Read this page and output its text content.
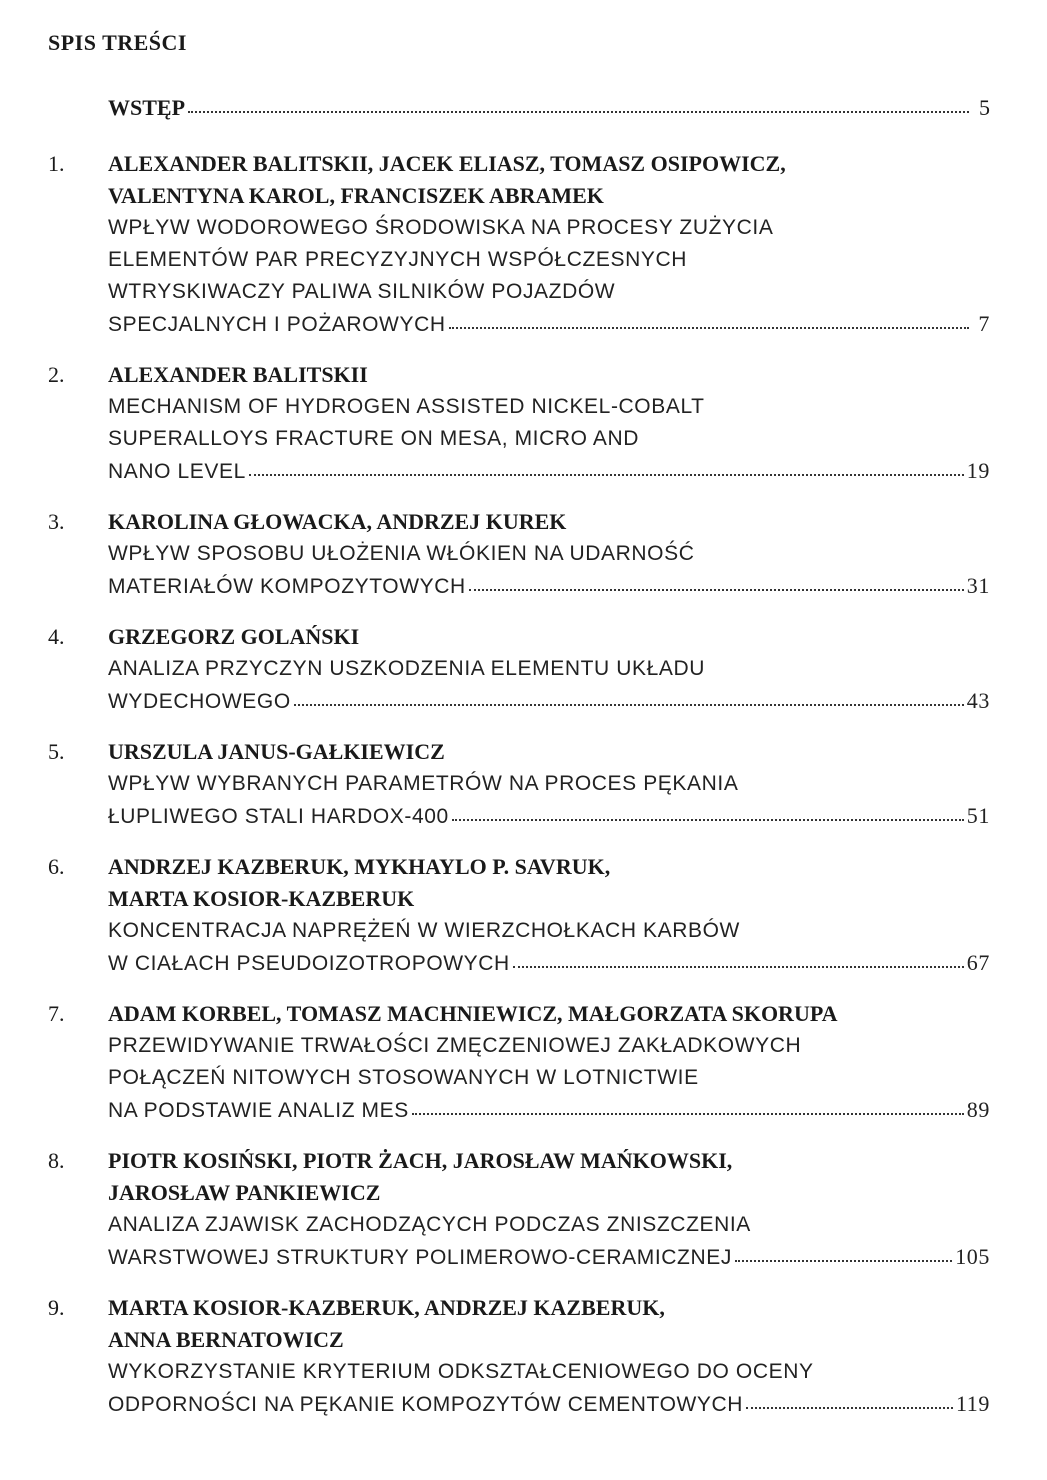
SPIS TREŚCI
WSTĘP	5
1.	ALEXANDER BALITSKII, JACEK ELIASZ, TOMASZ OSIPOWICZ,
VALENTYNA KAROL, FRANCISZEK ABRAMEK
WPŁYW WODOROWEGO ŚRODOWISKA NA PROCESY ZUŻYCIA
ELEMENTÓW PAR PRECYZYJNYCH WSPÓŁCZESNYCH
WTRYSKIWACZY PALIWA SILNIKÓW POJAZDÓW
SPECJALNYCH I POŻAROWYCH	7
2.	ALEXANDER BALITSKII
MECHANISM OF HYDROGEN ASSISTED NICKEL-COBALT
SUPERALLOYS FRACTURE ON MESA, MICRO AND
NANO LEVEL	19
3.	KAROLINA GŁOWACKA, ANDRZEJ KUREK
WPŁYW SPOSOBU UŁOŻENIA WŁÓKIEN NA UDARNOŚĆ
MATERIAŁÓW KOMPOZYTOWYCH	31
4.	GRZEGORZ GOLAŃSKI
ANALIZA PRZYCZYN USZKODZENIA ELEMENTU UKŁADU
WYDECHOWEGO	43
5.	URSZULA JANUS-GAŁKIEWICZ
WPŁYW WYBRANYCH PARAMETRÓW NA PROCES PĘKANIA
ŁUPLIWEGO STALI HARDOX-400	51
6.	ANDRZEJ KAZBERUK, MYKHAYLO P. SAVRUK,
MARTA KOSIOR-KAZBERUK
KONCENTRACJA NAPRĘŻEŃ W WIERZCHOŁKACH KARBÓW
W CIAŁACH PSEUDOIZOTROPOWYCH	67
7.	ADAM KORBEL, TOMASZ MACHNIEWICZ, MAŁGORZATA SKORUPA
PRZEWIDYWANIE TRWAŁOŚCI ZMĘCZENIOWEJ ZAKŁADKOWYCH
POŁĄCZEŃ NITOWYCH STOSOWANYCH W LOTNICTWIE
NA PODSTAWIE ANALIZ MES	89
8.	PIOTR KOSIŃSKI, PIOTR ŻACH, JAROSŁAW MAŃKOWSKI,
JAROSŁAW PANKIEWICZ
ANALIZA ZJAWISK ZACHODZĄCYCH PODCZAS ZNISZCZENIA
WARSTWOWEJ STRUKTURY POLIMEROWO-CERAMICZNEJ	105
9.	MARTA KOSIOR-KAZBERUK, ANDRZEJ KAZBERUK,
ANNA BERNATOWICZ
WYKORZYSTANIE KRYTERIUM ODKSZTAŁCENIOWEGO DO OCENY
ODPORNOŚCI NA PĘKANIE KOMPOZYTÓW CEMENTOWYCH	119
